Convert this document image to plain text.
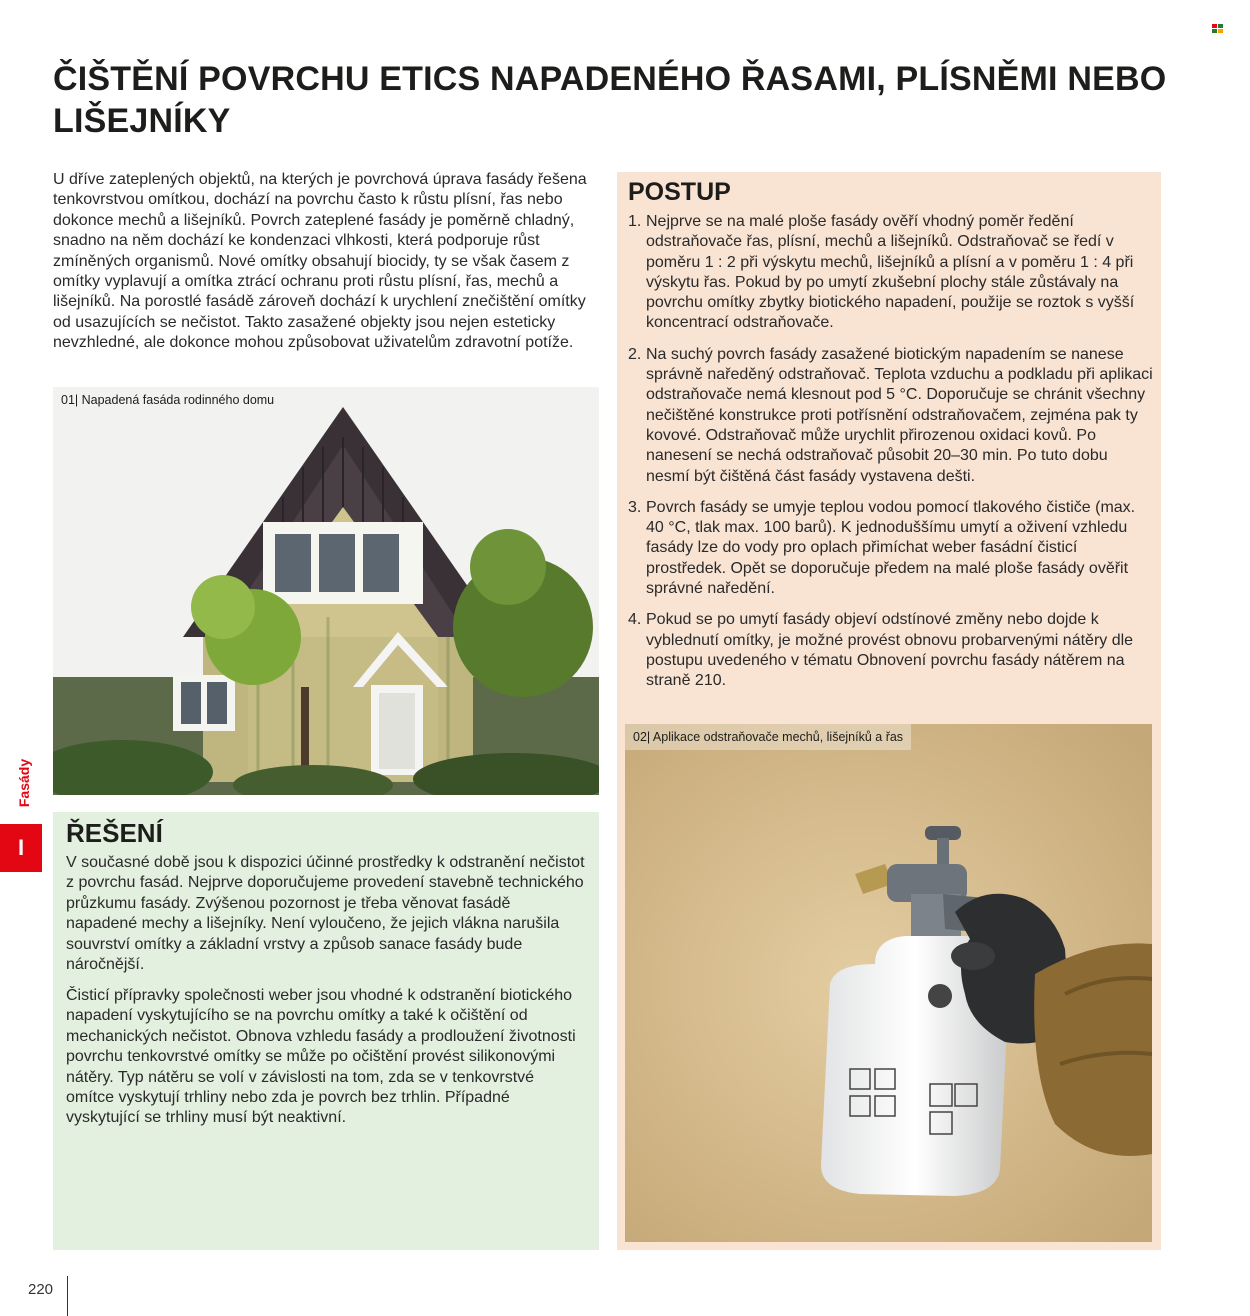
ČIŠTĚNÍ POVRCHU ETICS NAPADENÉHO ŘASAMI, PLÍSNĚMI NEBO LIŠEJNÍKY

U dříve zateplených objektů, na kterých je povrchová úprava fasády řešena tenkovrstvou omítkou, dochází na povrchu často k růstu plísní, řas nebo dokonce mechů a lišejníků. Povrch zateplené fasády je poměrně chladný, snadno na něm dochází ke kondenzaci vlhkosti, která podporuje růst zmíněných organismů. Nové omítky obsahují biocidy, ty se však časem z omítky vyplavují a omítka ztrácí ochranu proti růstu plísní, řas, mechů a lišejníků. Na porostlé fasádě zároveň dochází k urychlení znečištění omítky od usazujících se nečistot. Takto zasažené objekty jsou nejen esteticky nevzhledné, ale dokonce mohou způsobovat uživatelům zdravotní potíže.

01| Napadená fasáda rodinného domu
ŘEŠENÍ

V současné době jsou k dispozici účinné prostředky k odstranění nečistot z povrchu fasád. Nejprve doporučujeme provedení stavebně technického průzkumu fasády. Zvýšenou pozornost je třeba věnovat fasádě napadené mechy a lišejníky. Není vyloučeno, že jejich vlákna narušila souvrství omítky a základní vrstvy a způsob sanace fasády bude náročnější.

Čisticí přípravky společnosti weber jsou vhodné k odstranění biotického napadení vyskytujícího se na povrchu omítky a také k očištění od mechanických nečistot. Obnova vzhledu fasády a prodloužení životnosti povrchu tenkovrstvé omítky se může po očištění provést silikonovými nátěry. Typ nátěru se volí v závislosti na tom, zda se v tenkovrstvé omítce vyskytují trhliny nebo zda je povrch bez trhlin. Případné vyskytující se trhliny musí být neaktivní.

POSTUP
1. Nejprve se na malé ploše fasády ověří vhodný poměr ředění odstraňovače řas, plísní, mechů a lišejníků. Odstraňovač se ředí v poměru 1 : 2 při výskytu mechů, lišejníků a plísní a v poměru 1 : 4 při výskytu řas. Pokud by po umytí zkušební plochy stále zůstávaly na povrchu omítky zbytky biotického napadení, použije se roztok s vyšší koncentrací odstraňovače.
2. Na suchý povrch fasády zasažené biotickým napadením se nanese správně naředěný odstraňovač. Teplota vzduchu a podkladu při aplikaci odstraňovače nemá klesnout pod 5 °C. Doporučuje se chránit všechny nečištěné konstrukce proti potřísnění odstraňovačem, zejména pak ty kovové. Odstraňovač může urychlit přirozenou oxidaci kovů. Po nanesení se nechá odstraňovač působit 20–30 min. Po tuto dobu nesmí být čištěná část fasády vystavena dešti.
3. Povrch fasády se umyje teplou vodou pomocí tlakového čističe (max. 40 °C, tlak max. 100 barů). K jednoduššímu umytí a oživení vzhledu fasády lze do vody pro oplach přimíchat weber fasádní čisticí prostředek. Opět se doporučuje předem na malé ploše fasády ověřit správné naředění.
4. Pokud se po umytí fasády objeví odstínové změny nebo dojde k vyblednutí omítky, je možné provést obnovu probarvenými nátěry dle postupu uvedeného v tématu Obnovení povrchu fasády nátěrem na straně 210.
02| Aplikace odstraňovače mechů, lišejníků a řas
Fasády
I
220
